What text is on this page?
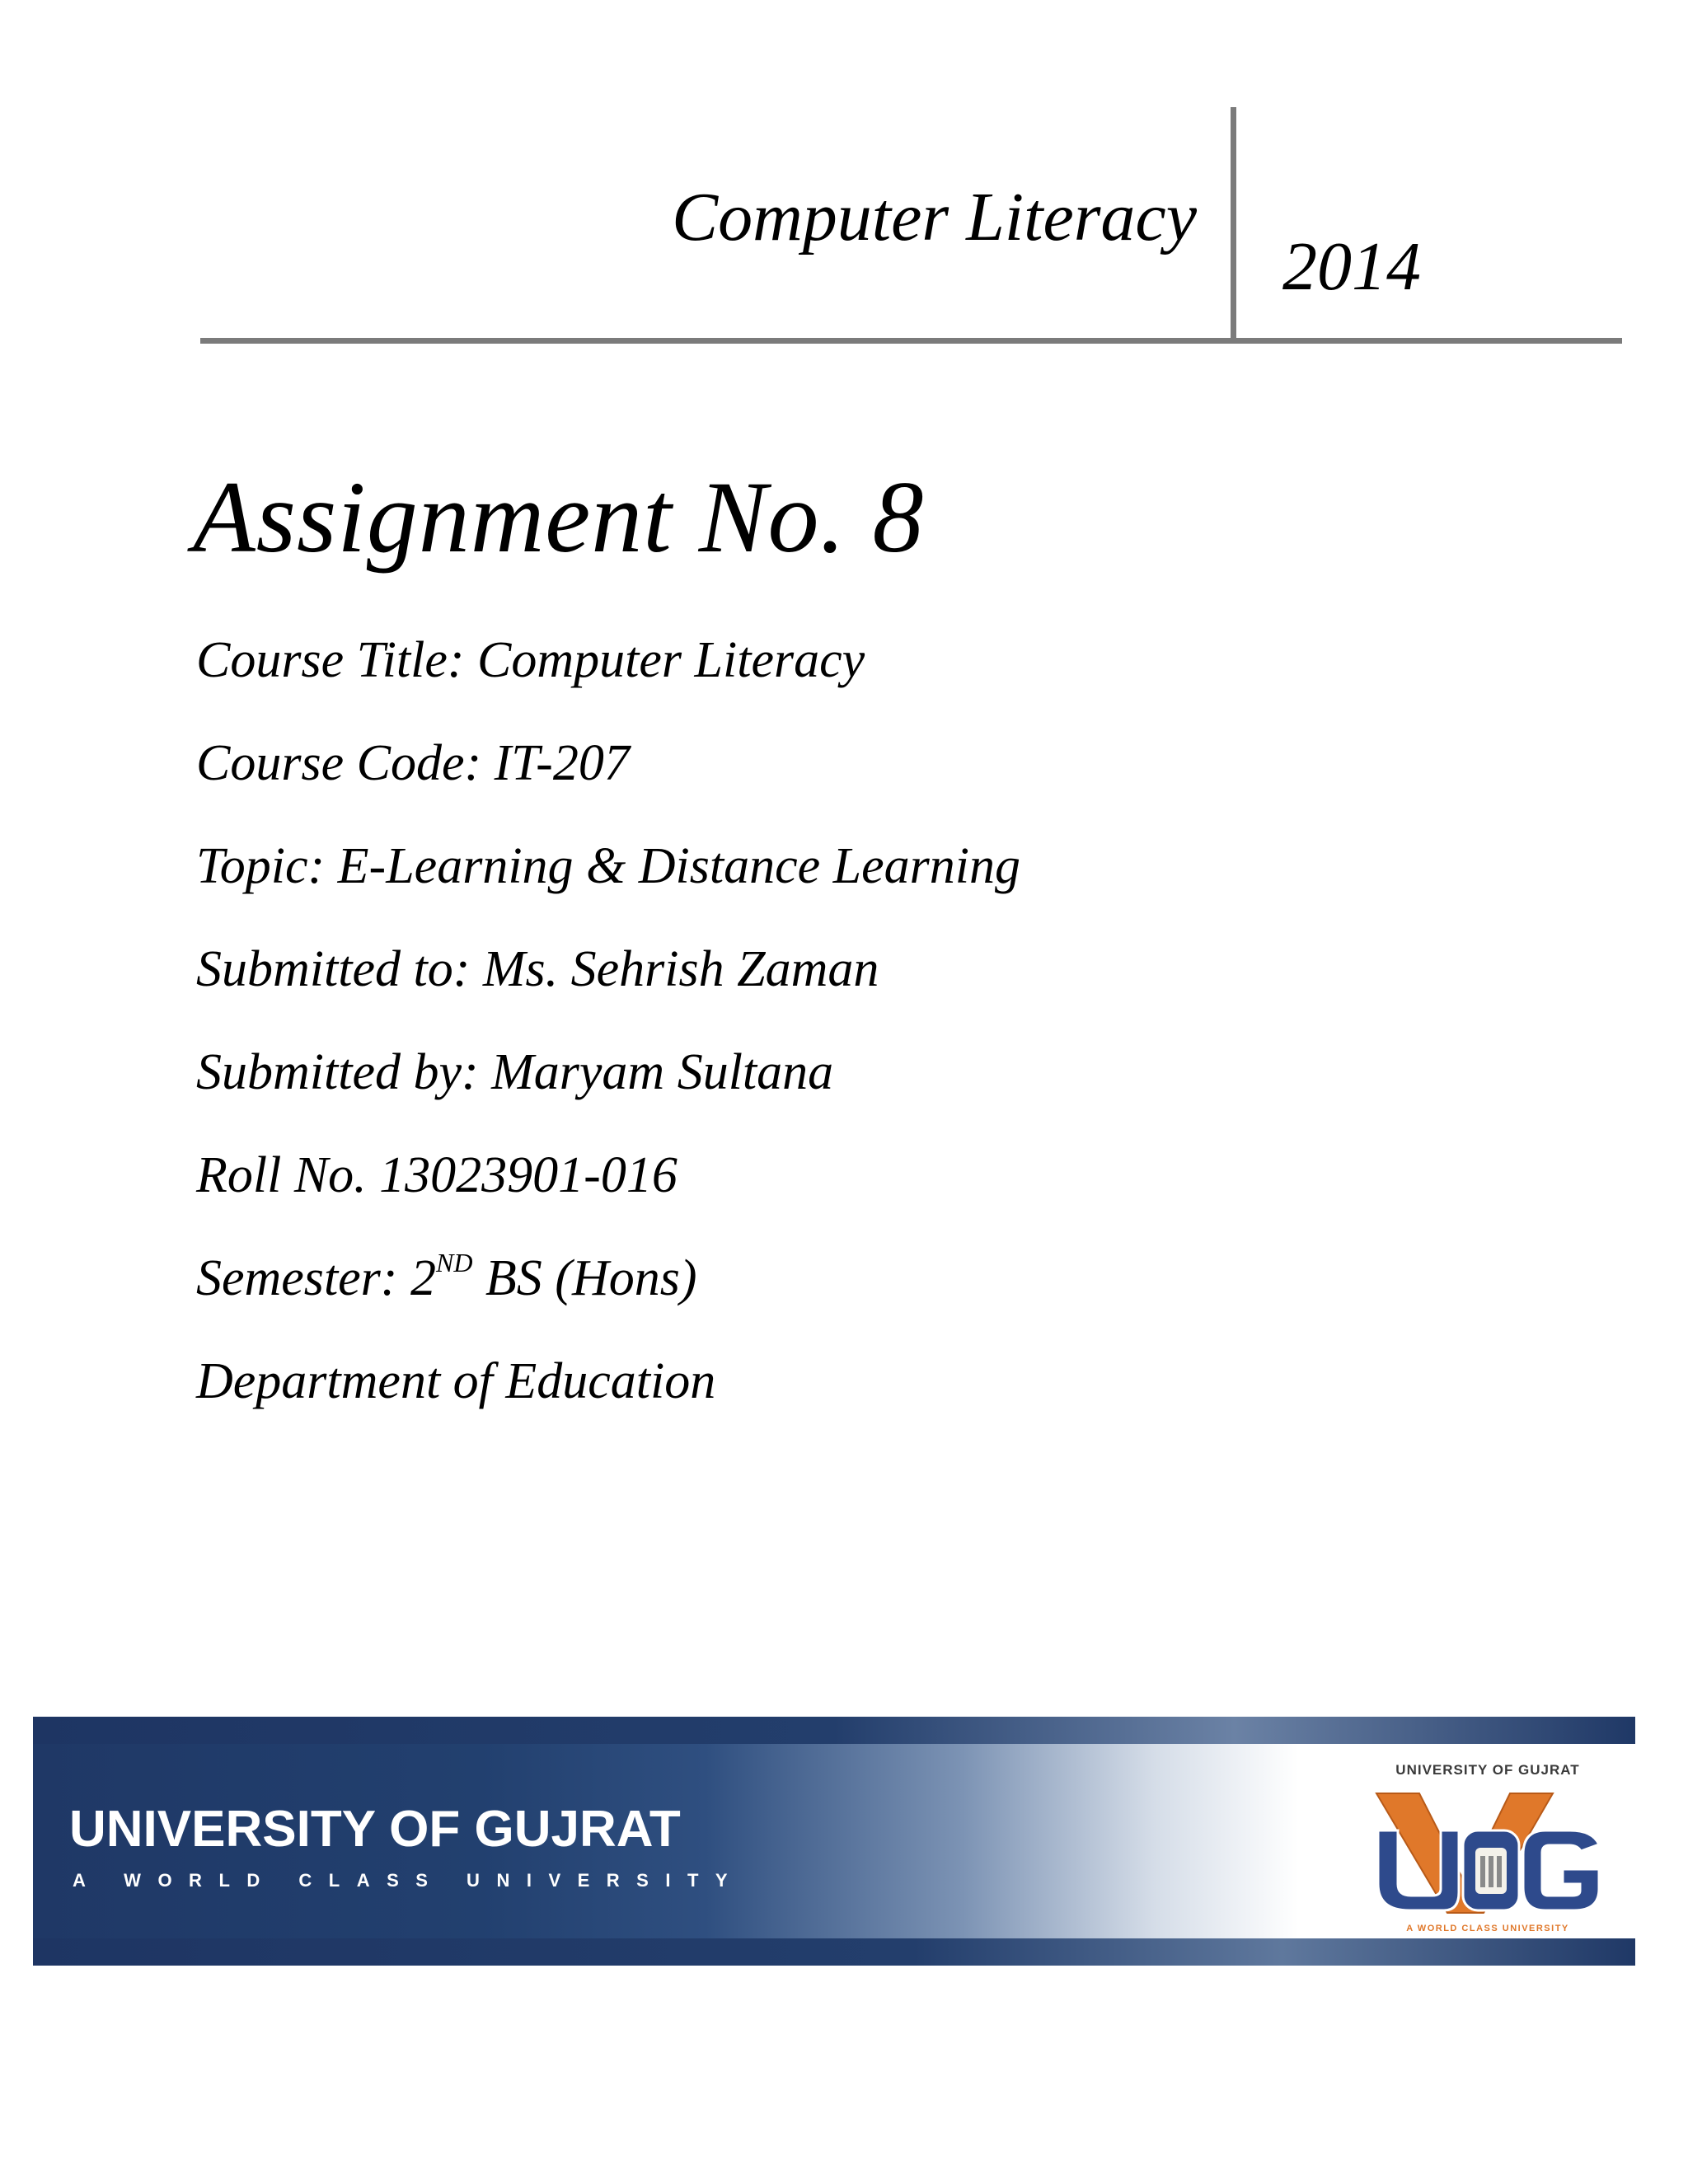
Computer Literacy
2014
Assignment No. 8
Course Title: Computer Literacy
Course Code: IT-207
Topic: E-Learning & Distance Learning
Submitted to: Ms. Sehrish Zaman
Submitted by: Maryam Sultana
Roll No. 13023901-016
Semester: 2ND BS (Hons)
Department of Education
UNIVERSITY OF GUJRAT
A WORLD CLASS UNIVERSITY
UNIVERSITY OF GUJRAT
A WORLD CLASS UNIVERSITY
